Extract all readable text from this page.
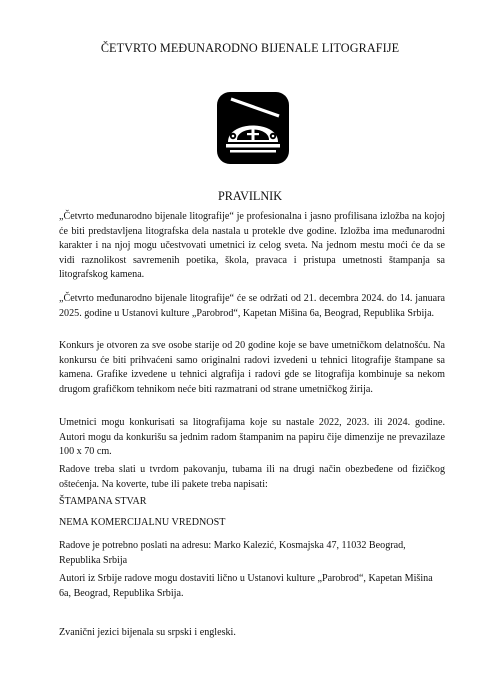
ČETVRTO MEĐUNARODNO BIJENALE LITOGRAFIJE
PRAVILNIK

„Četvrto međunarodno bijenale litografije“ je profesionalna i jasno profilisana izložba na kojoj će biti predstavljena litografska dela nastala u protekle dve godine. Izložba ima međunarodni karakter i na njoj mogu učestvovati umetnici iz celog sveta. Na jednom mestu moći će da se vidi raznolikost savremenih poetika, škola, pravaca i pristupa umetnosti štampanja sa litografskog kamena.

„Četvrto međunarodno bijenale litografije“ će se održati od 21. decembra 2024. do 14. januara 2025. godine u Ustanovi kulture „Parobrod“, Kapetan Mišina 6a, Beograd, Republika Srbija.

Konkurs je otvoren za sve osobe starije od 20 godine koje se bave umetničkom delatnošću. Na konkursu će biti prihvaćeni samo originalni radovi izvedeni u tehnici litografije štampane sa kamena. Grafike izvedene u tehnici algrafija i radovi gde se litografija kombinuje sa nekom drugom grafičkom tehnikom neće biti razmatrani od strane umetničkog žirija.

Umetnici mogu konkurisati sa litografijama koje su nastale 2022, 2023. ili 2024. godine. Autori mogu da konkurišu sa jednim radom štampanim na papiru čije dimenzije ne prevazilaze 100 x 70 cm.

Radove treba slati u tvrdom pakovanju, tubama ili na drugi način obezbeđene od fizičkog oštećenja. Na koverte, tube ili pakete treba napisati:

ŠTAMPANA STVAR

NEMA KOMERCIJALNU VREDNOST

Radove je potrebno poslati na adresu: Marko Kalezić, Kosmajska 47, 11032 Beograd, Republika Srbija

Autori iz Srbije radove mogu dostaviti lično u Ustanovi kulture „Parobrod“, Kapetan Mišina 6a, Beograd, Republika Srbija.

Zvanični jezici bijenala su srpski i engleski.
